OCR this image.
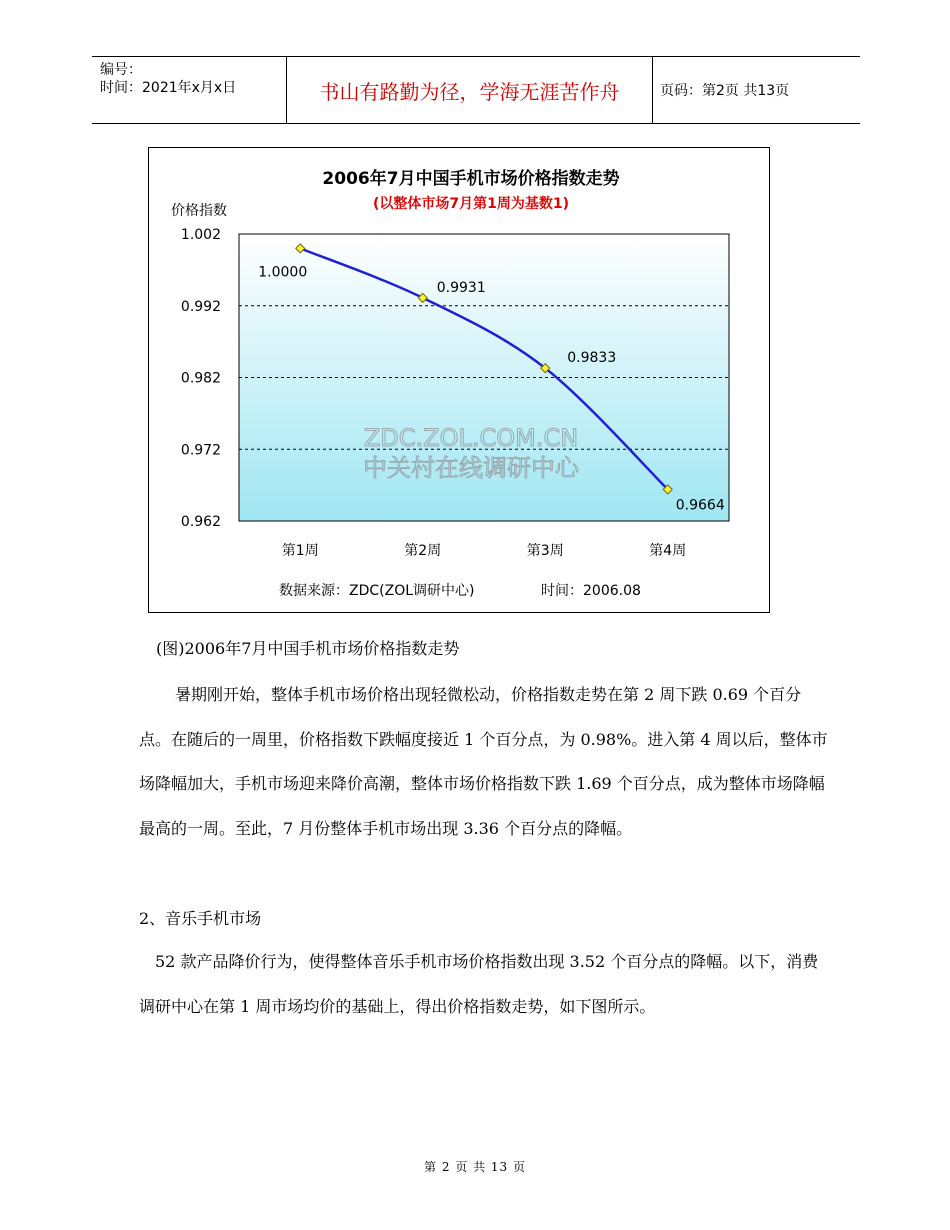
编号：
时间：2021年x月x日	书山有路勤为径，学海无涯苦作舟	页码：第2页 共13页
2006年7月中国手机市场价格指数走势
(以整体市场7月第1周为基数1)
价格指数
1.002
0.992
0.982
0.972
0.962
第1周	第2周	第3周	第4周
ZDC.ZOL.COM.CN
中关村在线调研中心
1.0000
0.9931
0.9833
0.9664
数据来源：ZDC(ZOL调研中心)	时间：2006.08
(图)2006年7月中国手机市场价格指数走势
暑期刚开始，整体手机市场价格出现轻微松动，价格指数走势在第 2 周下跌 0.69 个百分点。在随后的一周里，价格指数下跌幅度接近 1 个百分点，为 0.98%。进入第 4 周以后，整体市场降幅加大，手机市场迎来降价高潮，整体市场价格指数下跌 1.69 个百分点，成为整体市场降幅最高的一周。至此，7 月份整体手机市场出现 3.36 个百分点的降幅。
2、音乐手机市场
52 款产品降价行为，使得整体音乐手机市场价格指数出现 3.52 个百分点的降幅。以下，消费调研中心在第 1 周市场均价的基础上，得出价格指数走势，如下图所示。
第 2 页 共 13 页
